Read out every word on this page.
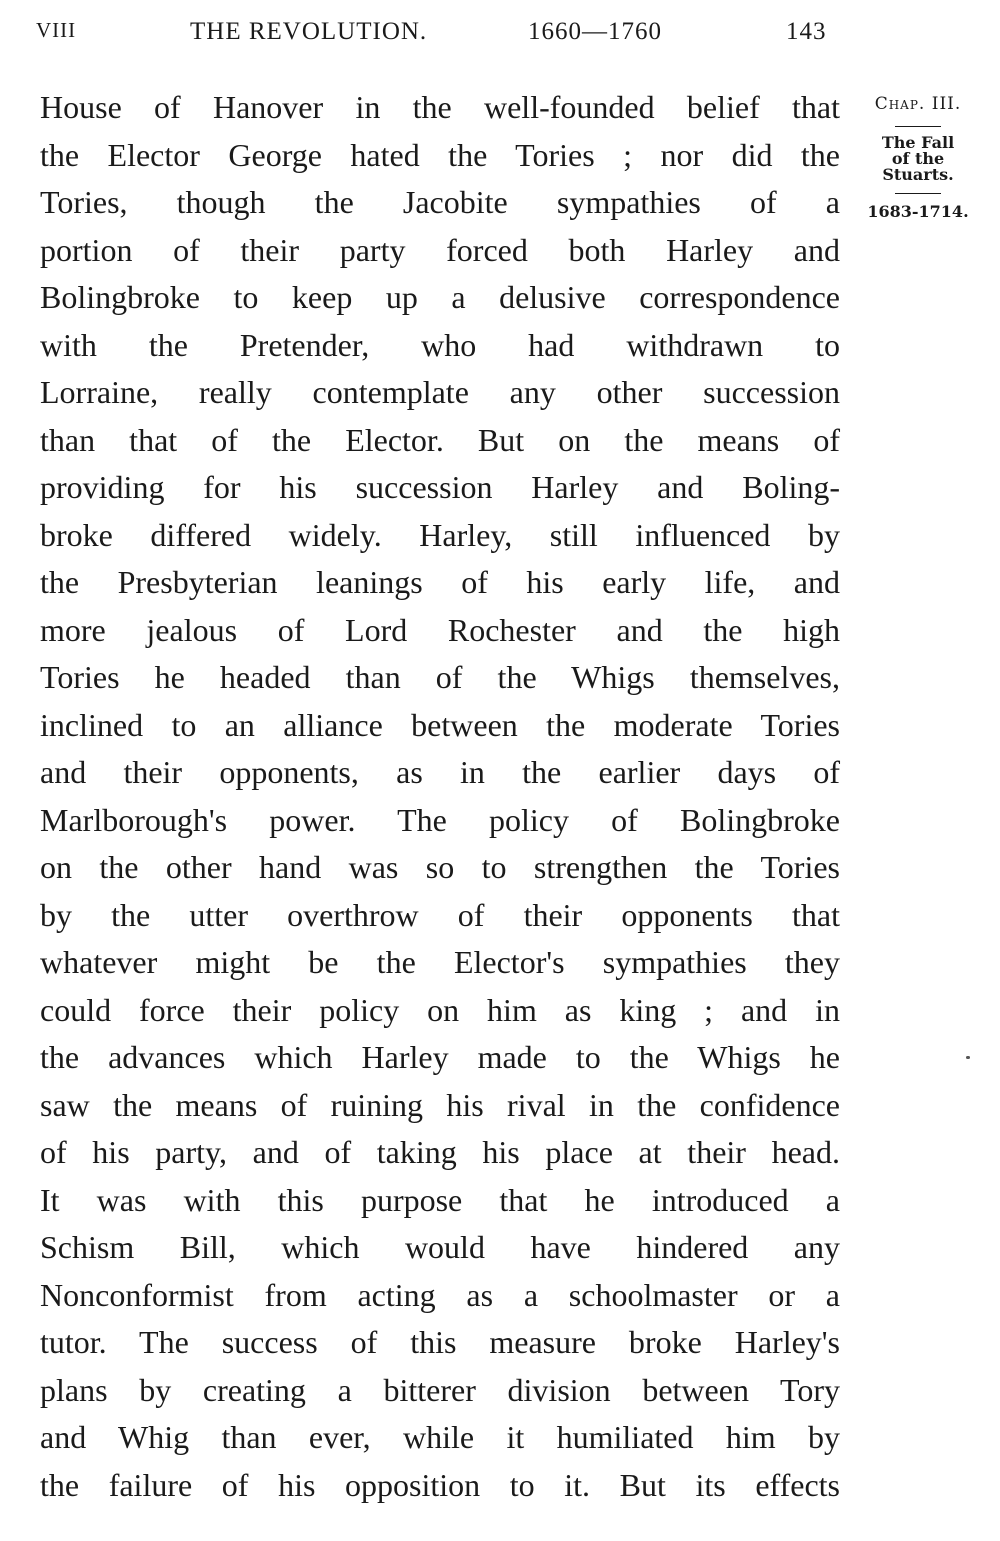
VIII	THE REVOLUTION.	1660—1760	143
House of Hanover in the well-founded belief that
the Elector George hated the Tories ; nor did the
Tories, though the Jacobite sympathies of a
portion of their party forced both Harley and
Bolingbroke to keep up a delusive correspondence
with the Pretender, who had withdrawn to
Lorraine, really contemplate any other succession
than that of the Elector. But on the means of
providing for his succession Harley and Boling-
broke differed widely. Harley, still influenced by
the Presbyterian leanings of his early life, and
more jealous of Lord Rochester and the high
Tories he headed than of the Whigs themselves,
inclined to an alliance between the moderate Tories
and their opponents, as in the earlier days of
Marlborough's power. The policy of Bolingbroke
on the other hand was so to strengthen the Tories
by the utter overthrow of their opponents that
whatever might be the Elector's sympathies they
could force their policy on him as king ; and in
the advances which Harley made to the Whigs he
saw the means of ruining his rival in the confidence
of his party, and of taking his place at their head.
It was with this purpose that he introduced a
Schism Bill, which would have hindered any
Nonconformist from acting as a schoolmaster or a
tutor. The success of this measure broke Harley's
plans by creating a bitterer division between Tory
and Whig than ever, while it humiliated him by
the failure of his opposition to it. But its effects
Chap. III.
The Fall
of the
Stuarts.
1683-1714.
